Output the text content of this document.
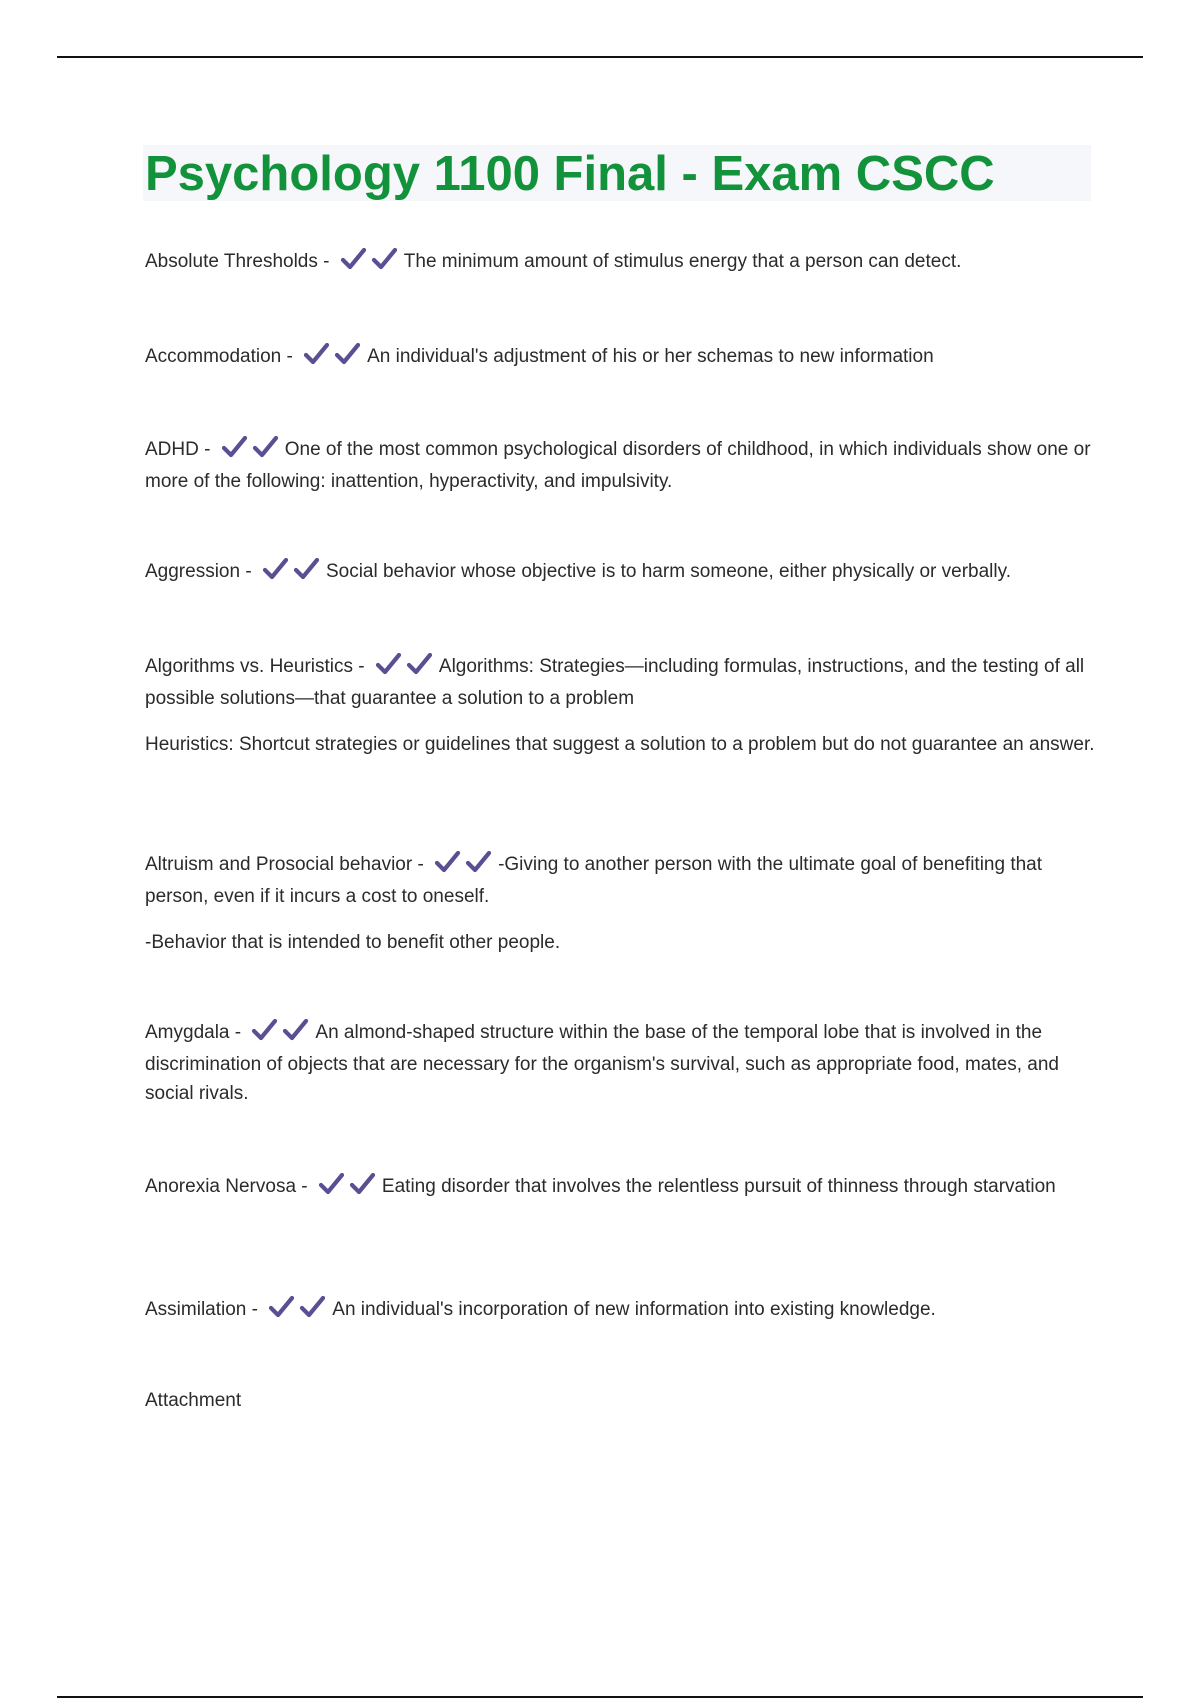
Psychology 1100 Final - Exam CSCC

Absolute Thresholds -	The minimum amount of stimulus energy that a person can detect.

Accommodation -	An individual's adjustment of his or her schemas to new information

ADHD -	One of the most common psychological disorders of childhood, in which individuals show one or more of the following: inattention, hyperactivity, and impulsivity.

Aggression -	Social behavior whose objective is to harm someone, either physically or verbally.

Algorithms vs. Heuristics -	Algorithms: Strategies—including formulas, instructions, and the testing of all possible solutions—that guarantee a solution to a problem

Heuristics: Shortcut strategies or guidelines that suggest a solution to a problem but do not guarantee an answer.

Altruism and Prosocial behavior -	-Giving to another person with the ultimate goal of benefiting that person, even if it incurs a cost to oneself.

-Behavior that is intended to benefit other people.

Amygdala -	An almond-shaped structure within the base of the temporal lobe that is involved in the discrimination of objects that are necessary for the organism's survival, such as appropriate food, mates, and social rivals.

Anorexia Nervosa -	Eating disorder that involves the relentless pursuit of thinness through starvation

Assimilation -	An individual's incorporation of new information into existing knowledge.

Attachment
